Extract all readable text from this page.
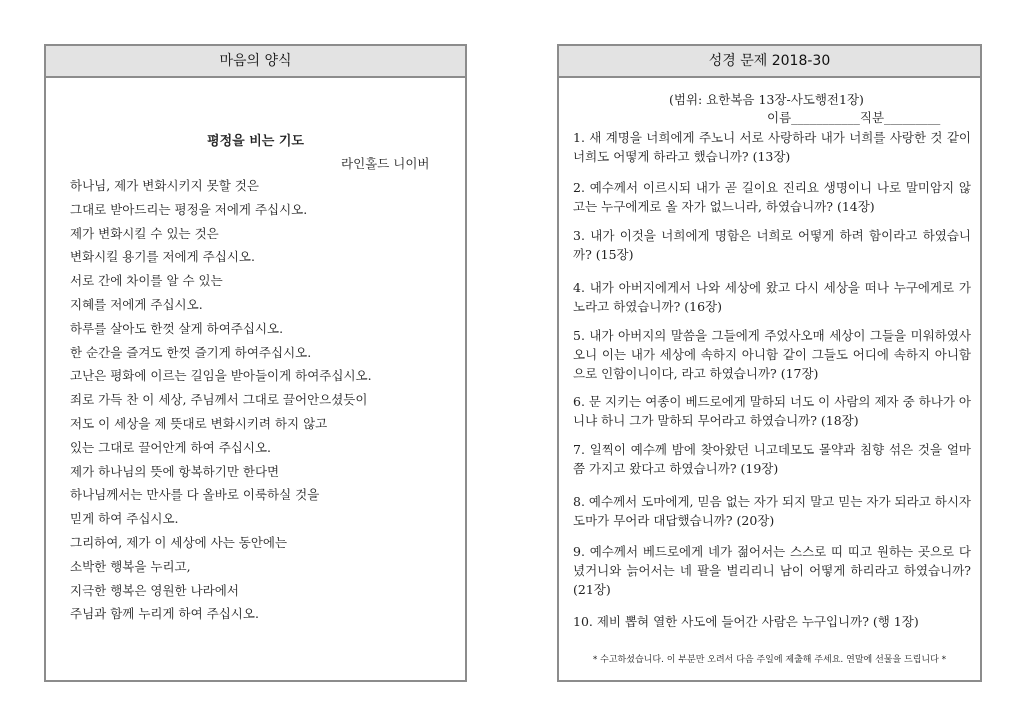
마음의 양식
평정을 비는 기도
라인홀드 니이버
하나님, 제가 변화시키지 못할 것은
그대로 받아드리는 평정을 저에게 주십시오.
제가 변화시킬 수 있는 것은
변화시킬 용기를 저에게 주십시오.
서로 간에 차이를 알 수 있는
지혜를 저에게 주십시오.
하루를 살아도 한껏 살게 하여주십시오.
한 순간을 즐겨도 한껏 즐기게 하여주십시오.
고난은 평화에 이르는 길임을 받아들이게 하여주십시오.
죄로 가득 찬 이 세상, 주님께서 그대로 끌어안으셨듯이
저도 이 세상을 제 뜻대로 변화시키려 하지 않고
있는 그대로 끌어안게 하여 주십시오.
제가 하나님의 뜻에 항복하기만 한다면
하나님께서는 만사를 다 올바로 이룩하실 것을
믿게 하여 주십시오.
그리하여, 제가 이 세상에 사는 동안에는
소박한 행복을 누리고,
지극한 행복은 영원한 나라에서
주님과 함께 누리게 하여 주십시오.
성경 문제 2018-30
(범위: 요한복음 13장-사도행전1장)
이름___________직분_________
1. 새 계명을 너희에게 주노니 서로 사랑하라 내가 너희를 사랑한 것 같이 너희도 어떻게 하라고 했습니까? (13장)
2. 예수께서 이르시되 내가 곧 길이요 진리요 생명이니 나로 말미암지 않고는 누구에게로 올 자가 없느니라, 하였습니까? (14장)
3. 내가 이것을 너희에게 명함은 너희로 어떻게 하려 함이라고 하였습니까? (15장)
4. 내가 아버지에게서 나와 세상에 왔고 다시 세상을 떠나 누구에게로 가노라고 하였습니까? (16장)
5. 내가 아버지의 말씀을 그들에게 주었사오매 세상이 그들을 미워하였사오니 이는 내가 세상에 속하지 아니함 같이 그들도 어디에 속하지 아니함으로 인함이니이다, 라고 하였습니까? (17장)
6. 문 지키는 여종이 베드로에게 말하되 너도 이 사람의 제자 중 하나가 아니냐 하니 그가 말하되 무어라고 하였습니까? (18장)
7. 일찍이 예수께 밤에 찾아왔던 니고데모도 몰약과 침향 섞은 것을 얼마쯤 가지고 왔다고 하였습니까? (19장)
8. 예수께서 도마에게, 믿음 없는 자가 되지 말고 믿는 자가 되라고 하시자 도마가 무어라 대답했습니까? (20장)
9. 예수께서 베드로에게 네가 젊어서는 스스로 띠 띠고 원하는 곳으로 다녔거니와 늙어서는 네 팔을 벌리리니 남이 어떻게 하리라고 하였습니까? (21장)
10. 제비 뽑혀 열한 사도에 들어간 사람은 누구입니까? (행 1장)
* 수고하셨습니다. 이 부분만 오려서 다음 주일에 제출해 주세요. 연말에 선물을 드립니다 *
